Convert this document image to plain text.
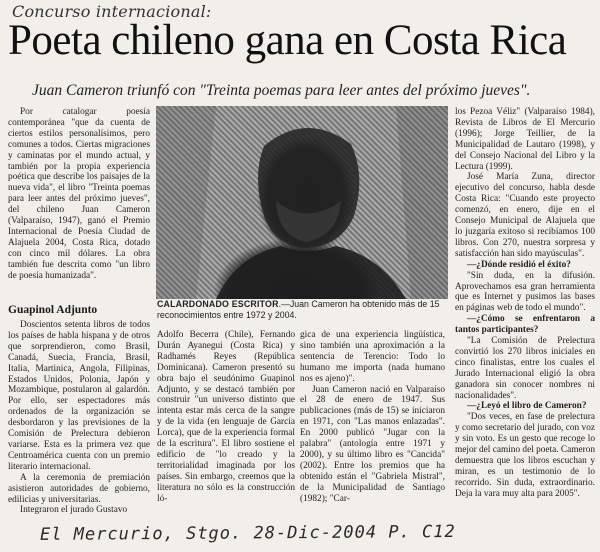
Concurso internacional:
Poeta chileno gana en Costa Rica
Juan Cameron triunfó con "Treinta poemas para leer antes del próximo jueves".

Por catalogar poesía contemporánea "que da cuenta de ciertos estilos personalísimos, pero comunes a todos. Ciertas migraciones y caminatas por el mundo actual, y también por la propia experiencia poética que describe los paisajes de la nueva vida", el libro "Treinta poemas para leer antes del próximo jueves", del chileno Juan Cameron (Valparaíso, 1947), ganó el Premio Internacional de Poesía Ciudad de Alajuela 2004, Costa Rica, dotado con cinco mil dólares. La obra también fue descrita como "un libro de poesía humanizada".

Guapinol Adjunto

Doscientos setenta libros de todos los países de habla hispana y de otros que sorprendieron, como Brasil, Canadá, Suecia, Francia, Brasil, Italia, Martinica, Angola, Filipinas, Estados Unidos, Polonia, Japón y Mozambique, postularon al galardón. Por ello, ser espectadores más ordenados de la organización se desbordaron y las previsiones de la Comisión de Prelectura debieron variarse. Esta es la primera vez que Centroamérica cuenta con un premio literario internacional.

A la ceremonia de premiación asistieron autoridades de gobierno, edilicias y universitarias.

Integraron el jurado Gustavo

CALARDONADO ESCRITOR.—Juan Cameron ha obtenido más de 15 reconocimientos entre 1972 y 2004.

Adolfo Becerra (Chile), Fernando Durán Ayanegui (Costa Rica) y Radhamés Reyes (República Dominicana). Cameron presentó su obra bajo el seudónimo Guapinol Adjunto, y se destacó también por construir "un universo distinto que intenta estar más cerca de la sangre y de la vida (en lenguaje de García Lorca), que de la experiencia formal de la escritura". El libro sostiene el edificio de "lo creado y la territorialidad imaginada por los países. Sin embargo, creemos que la literatura no sólo es la construcción ló-

gica de una experiencia lingüística, sino también una aproximación a la sentencia de Terencio: Todo lo humano me importa (nada humano nos es ajeno)".

Juan Cameron nació en Valparaíso el 28 de enero de 1947. Sus publicaciones (más de 15) se iniciaron en 1971, con "Las manos enlazadas". En 2000 publicó "Jugar con la palabra" (antología entre 1971 y 2000), y su último libro es "Cancida" (2002). Entre los premios que ha obtenido están el "Gabriela Mistral", de la Municipalidad de Santiago (1982); "Car-

los Pezoa Véliz" (Valparaíso 1984), Revista de Libros de El Mercurio (1996); Jorge Teillier, de la Municipalidad de Lautaro (1998), y del Consejo Nacional del Libro y la Lectura (1999).

José María Zuna, director ejecutivo del concurso, habla desde Costa Rica: "Cuando este proyecto comenzó, en enero, dije en el Consejo Municipal de Alajuela que lo juzgaría exitoso si recibíamos 100 libros. Con 270, nuestra sorpresa y satisfacción han sido mayúsculas".

—¿Dónde residió el éxito?

"Sin duda, en la difusión. Aprovechamos esa gran herramienta que es Internet y pusimos las bases en páginas web de todo el mundo".

—¿Cómo se enfrentaron a tantos participantes?

"La Comisión de Prelectura convirtió los 270 libros iniciales en cinco finalistas, entre los cuales el Jurado Internacional eligió la obra ganadora sin conocer nombres ni nacionalidades".

—¿Leyó el libro de Cameron?

"Dos veces, en fase de prelectura y como secretario del jurado, con voz y sin voto. Es un gesto que recoge lo mejor del camino del poeta. Cameron demuestra que los libros escuchan y miran, es un testimonio de lo recorrido. Sin duda, extraordinario. Deja la vara muy alta para 2005".

El Mercurio, Stgo. 28-Dic-2004 P. C12
